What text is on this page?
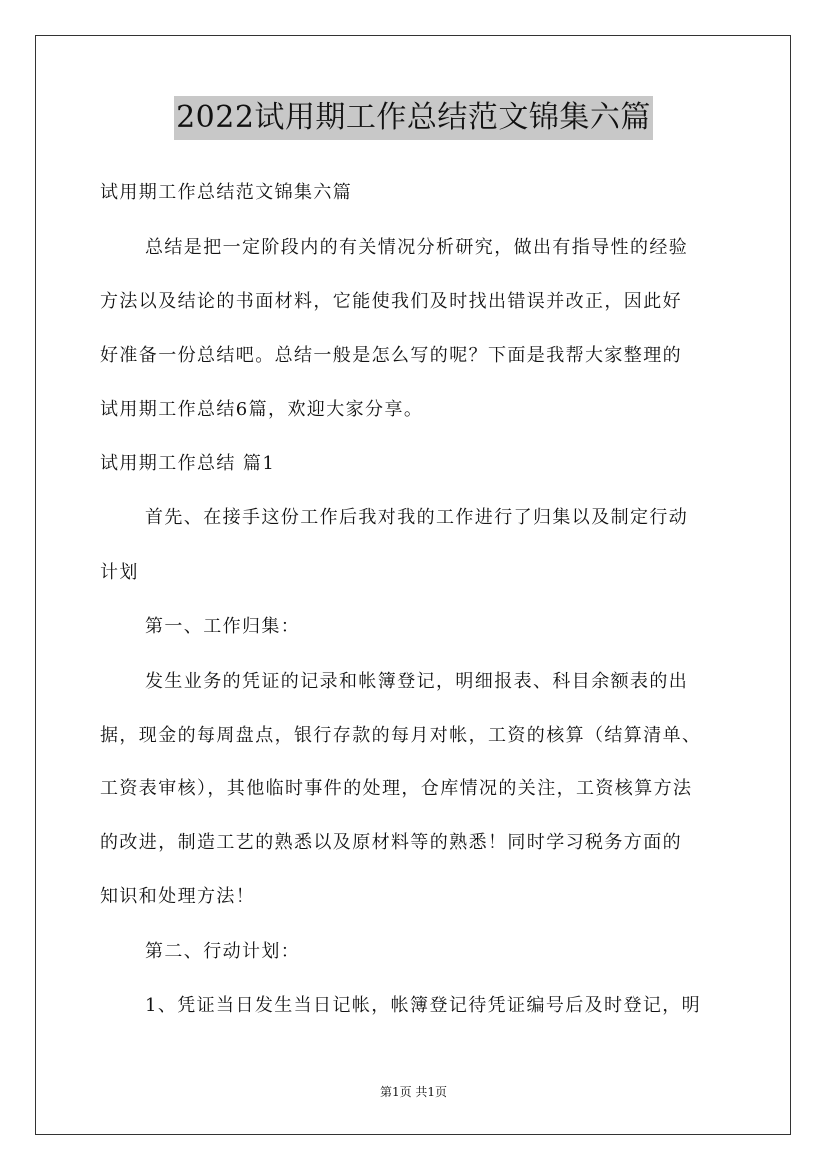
2022试用期工作总结范文锦集六篇
试用期工作总结范文锦集六篇
总结是把一定阶段内的有关情况分析研究，做出有指导性的经验
方法以及结论的书面材料，它能使我们及时找出错误并改正，因此好
好准备一份总结吧。总结一般是怎么写的呢？下面是我帮大家整理的
试用期工作总结6篇，欢迎大家分享。
试用期工作总结 篇1
首先、在接手这份工作后我对我的工作进行了归集以及制定行动
计划
第一、工作归集：
发生业务的凭证的记录和帐簿登记，明细报表、科目余额表的出
据，现金的每周盘点，银行存款的每月对帐，工资的核算（结算清单、
工资表审核），其他临时事件的处理，仓库情况的关注，工资核算方法
的改进，制造工艺的熟悉以及原材料等的熟悉！同时学习税务方面的
知识和处理方法！
第二、行动计划：
1、凭证当日发生当日记帐，帐簿登记待凭证编号后及时登记，明
第1页 共1页
